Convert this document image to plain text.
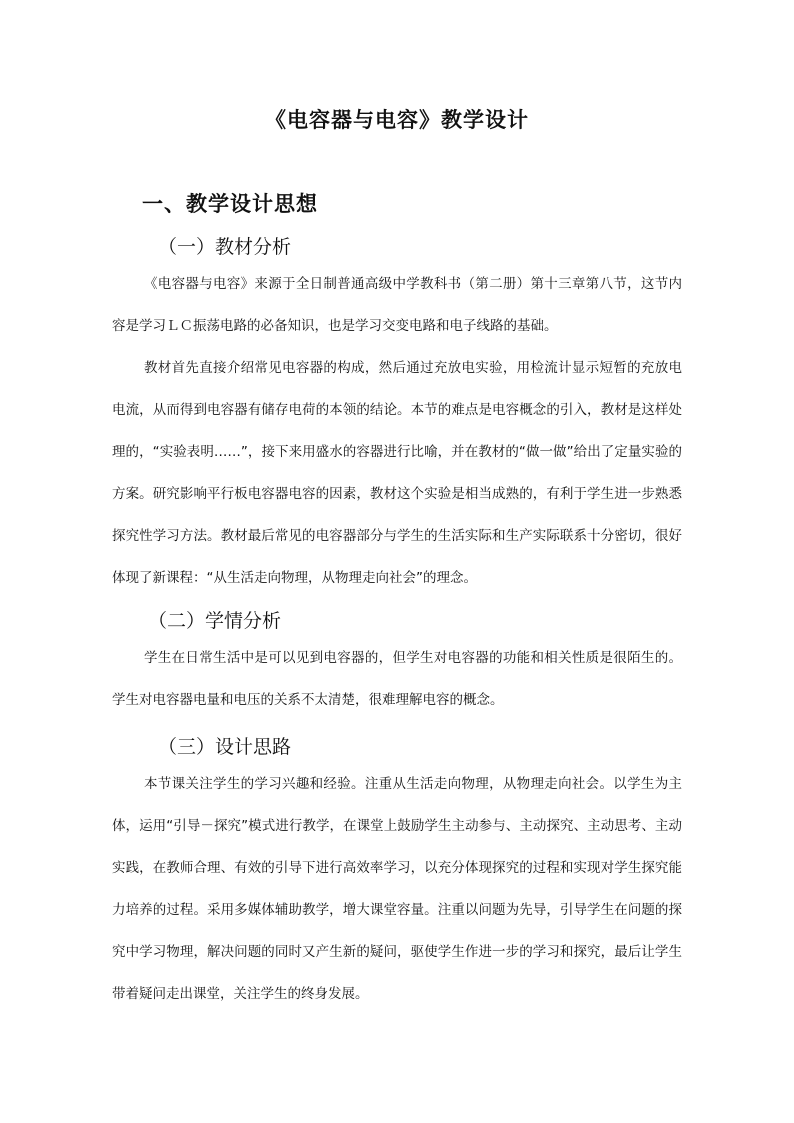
《电容器与电容》教学设计
一、教学设计思想
（一）教材分析

《电容器与电容》来源于全日制普通高级中学教科书（第二册）第十三章第八节，这节内容是学习ＬＣ振荡电路的必备知识，也是学习交变电路和电子线路的基础。

教材首先直接介绍常见电容器的构成，然后通过充放电实验，用检流计显示短暂的充放电电流，从而得到电容器有储存电荷的本领的结论。本节的难点是电容概念的引入，教材是这样处理的，“实验表明……”，接下来用盛水的容器进行比喻，并在教材的“做一做”给出了定量实验的方案。研究影响平行板电容器电容的因素，教材这个实验是相当成熟的，有利于学生进一步熟悉探究性学习方法。教材最后常见的电容器部分与学生的生活实际和生产实际联系十分密切，很好体现了新课程：“从生活走向物理，从物理走向社会”的理念。

（二）学情分析

学生在日常生活中是可以见到电容器的，但学生对电容器的功能和相关性质是很陌生的。学生对电容器电量和电压的关系不太清楚，很难理解电容的概念。

（三）设计思路

本节课关注学生的学习兴趣和经验。注重从生活走向物理，从物理走向社会。以学生为主体，运用“引导－探究”模式进行教学，在课堂上鼓励学生主动参与、主动探究、主动思考、主动实践，在教师合理、有效的引导下进行高效率学习，以充分体现探究的过程和实现对学生探究能力培养的过程。采用多媒体辅助教学，增大课堂容量。注重以问题为先导，引导学生在问题的探究中学习物理，解决问题的同时又产生新的疑问，驱使学生作进一步的学习和探究，最后让学生带着疑问走出课堂，关注学生的终身发展。
